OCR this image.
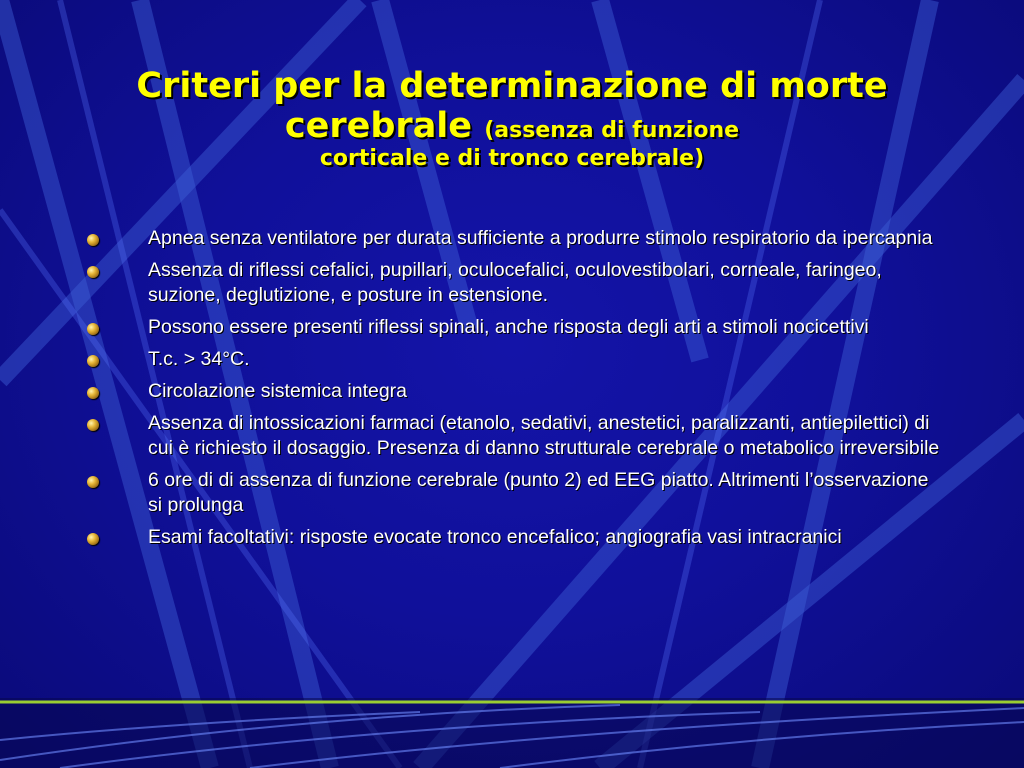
Criteri per la determinazione di morte cerebrale (assenza di funzione
corticale e di tronco cerebrale)
Apnea senza ventilatore per durata sufficiente a produrre stimolo respiratorio da ipercapnia
Assenza di riflessi cefalici, pupillari, oculocefalici, oculovestibolari, corneale, faringeo, suzione, deglutizione, e posture in estensione.
Possono essere presenti riflessi spinali, anche risposta degli arti a stimoli nocicettivi
T.c. > 34°C.
Circolazione sistemica integra
Assenza di intossicazioni farmaci (etanolo, sedativi, anestetici, paralizzanti, antiepilettici) di cui è richiesto il dosaggio. Presenza di danno strutturale cerebrale o metabolico irreversibile
6 ore di di assenza di funzione cerebrale (punto 2) ed EEG piatto. Altrimenti l’osservazione si prolunga
Esami facoltativi: risposte evocate tronco encefalico; angiografia vasi intracranici
